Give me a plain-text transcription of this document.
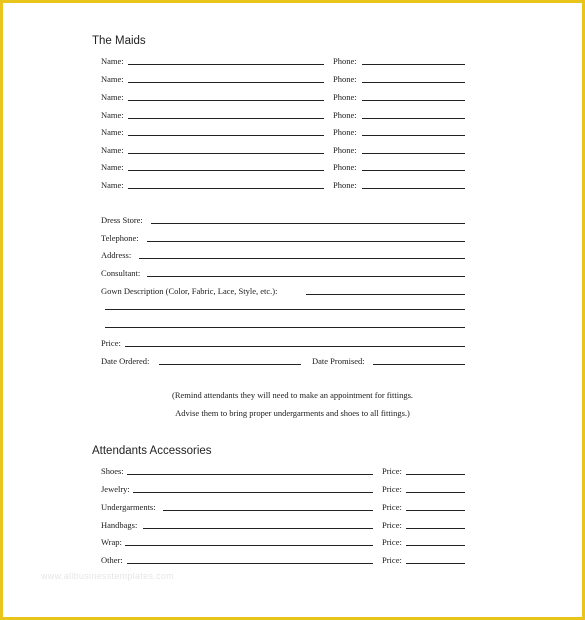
The Maids
Name:	Phone:
Name:	Phone:
Name:	Phone:
Name:	Phone:
Name:	Phone:
Name:	Phone:
Name:	Phone:
Name:	Phone:
Dress Store:
Telephone:
Address:
Consultant:
Gown Description (Color, Fabric, Lace, Style, etc.):
Price:
Date Ordered:	Date Promised:
(Remind attendants they will need to make an appointment for fittings.
Advise them to bring proper undergarments and shoes to all fittings.)
Attendants Accessories
Shoes:	Price:
Jewelry:	Price:
Undergarments:	Price:
Handbags:	Price:
Wrap:	Price:
Other:	Price:
www.allbusinesstemplates.com
